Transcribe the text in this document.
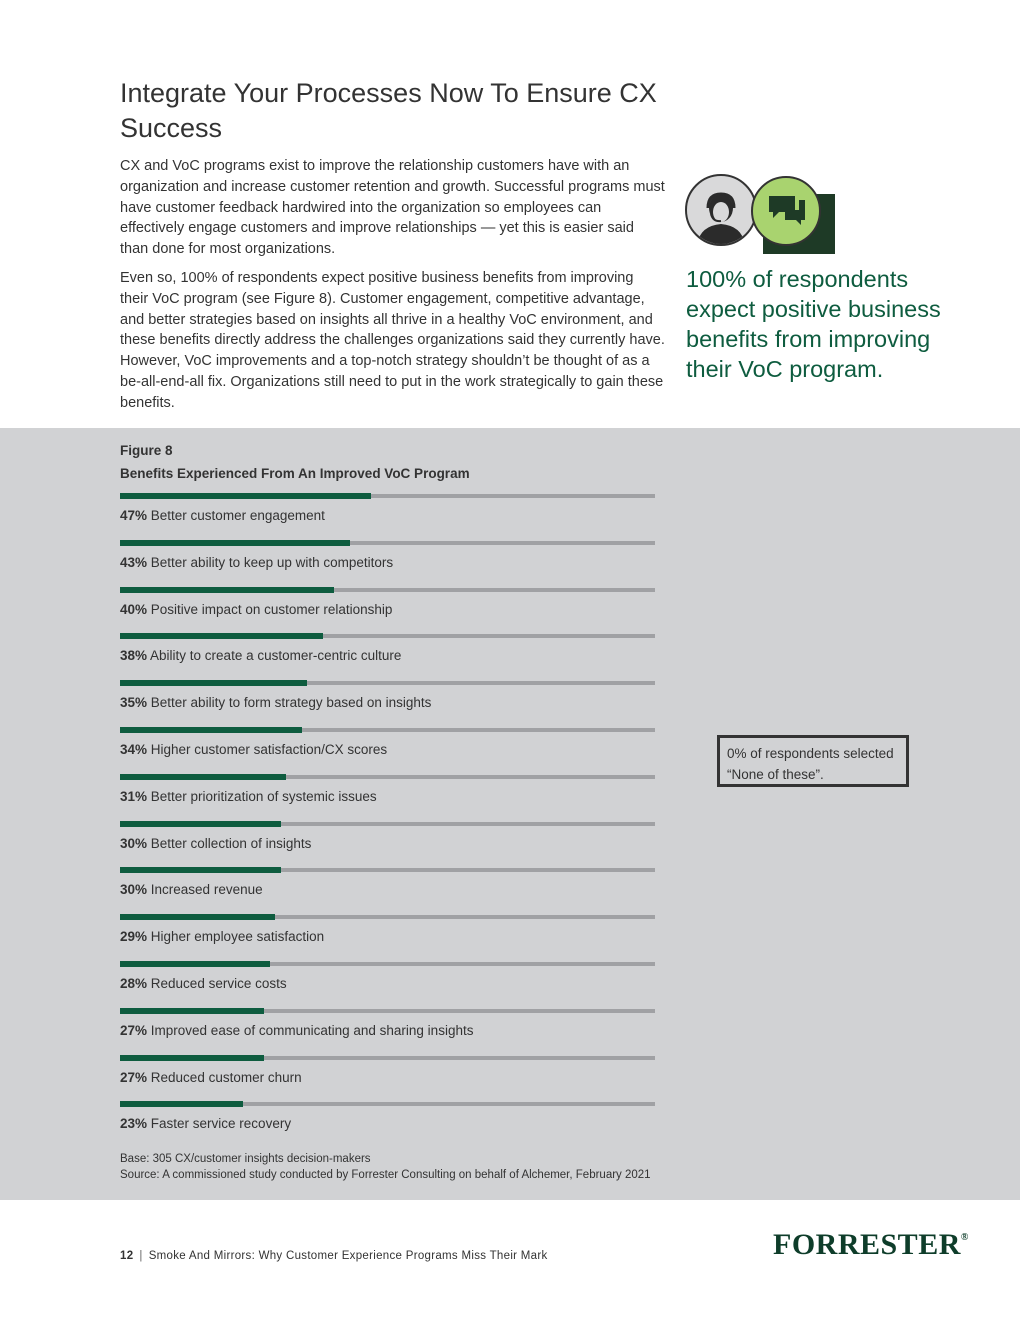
Integrate Your Processes Now To Ensure CX Success

CX and VoC programs exist to improve the relationship customers have with an organization and increase customer retention and growth. Successful programs must have customer feedback hardwired into the organization so employees can effectively engage customers and improve relationships — yet this is easier said than done for most organizations.

Even so, 100% of respondents expect positive business benefits from improving their VoC program (see Figure 8). Customer engagement, competitive advantage, and better strategies based on insights all thrive in a healthy VoC environment, and these benefits directly address the challenges organizations said they currently have. However, VoC improvements and a top-notch strategy shouldn’t be thought of as a be-all-end-all fix. Organizations still need to put in the work strategically to gain these benefits.

100% of respondents expect positive business benefits from improving their VoC program.

Figure 8

Benefits Experienced From An Improved VoC Program

47% Better customer engagement
43% Better ability to keep up with competitors
40% Positive impact on customer relationship
38% Ability to create a customer-centric culture
35% Better ability to form strategy based on insights
34% Higher customer satisfaction/CX scores
31% Better prioritization of systemic issues
30% Better collection of insights
30% Increased revenue
29% Higher employee satisfaction
28% Reduced service costs
27% Improved ease of communicating and sharing insights
27% Reduced customer churn
23% Faster service recovery
0% of respondents selected “None of these”.

Base: 305 CX/customer insights decision-makers

Source: A commissioned study conducted by Forrester Consulting on behalf of Alchemer, February 2021

12 | Smoke And Mirrors: Why Customer Experience Programs Miss Their Mark	FORRESTER®
